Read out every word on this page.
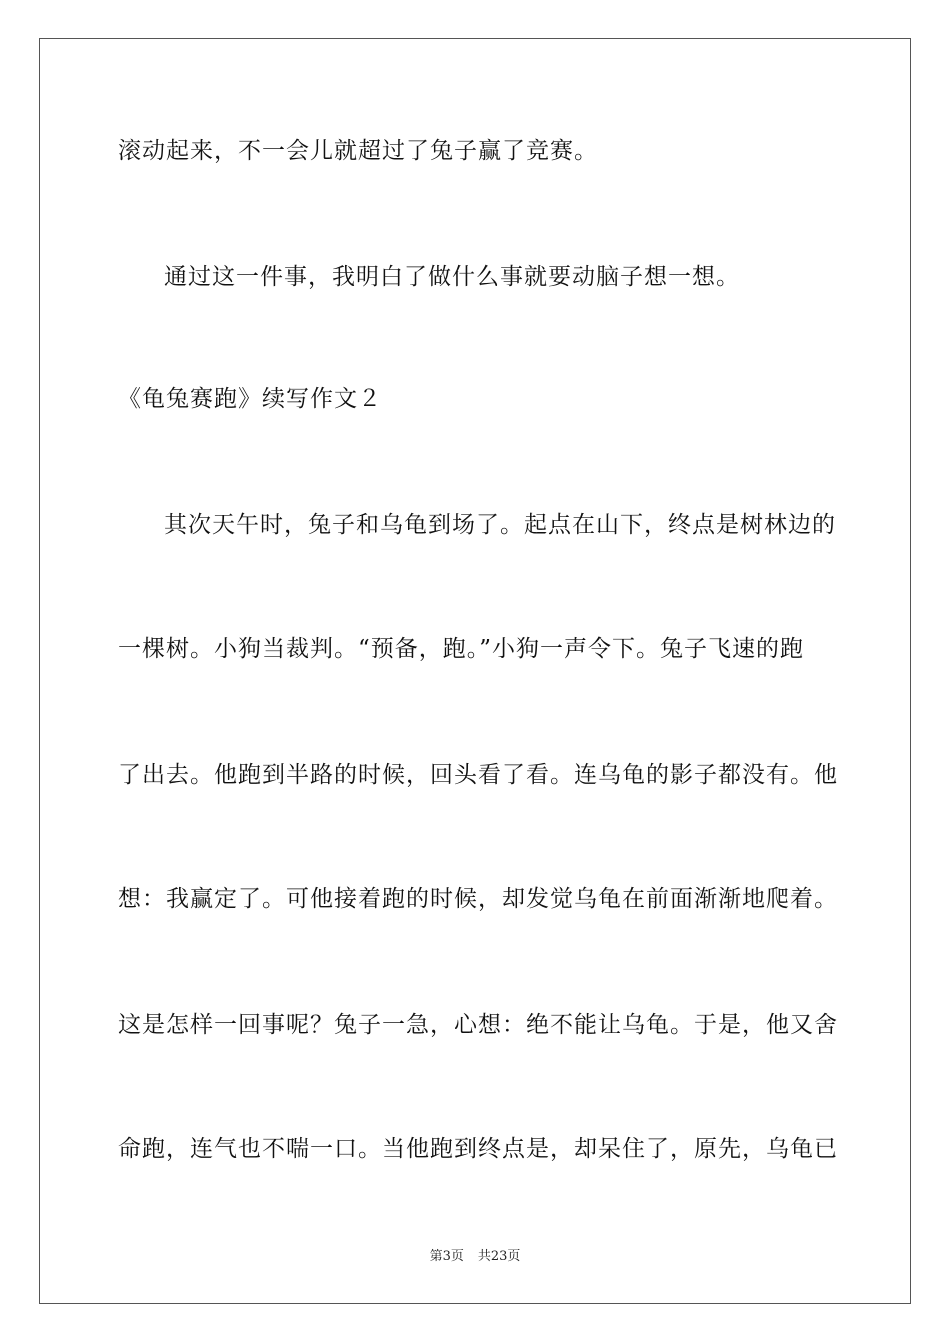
滚动起来，不一会儿就超过了兔子赢了竞赛。
通过这一件事，我明白了做什么事就要动脑子想一想。
《龟兔赛跑》续写作文２
其次天午时，兔子和乌龟到场了。起点在山下，终点是树林边的
一棵树。小狗当裁判。“预备，跑。”小狗一声令下。兔子飞速的跑
了出去。他跑到半路的时候，回头看了看。连乌龟的影子都没有。他
想：我赢定了。可他接着跑的时候，却发觉乌龟在前面渐渐地爬着。
这是怎样一回事呢？兔子一急，心想：绝不能让乌龟。于是，他又舍
命跑，连气也不喘一口。当他跑到终点是，却呆住了，原先，乌龟已
第3页 共23页
